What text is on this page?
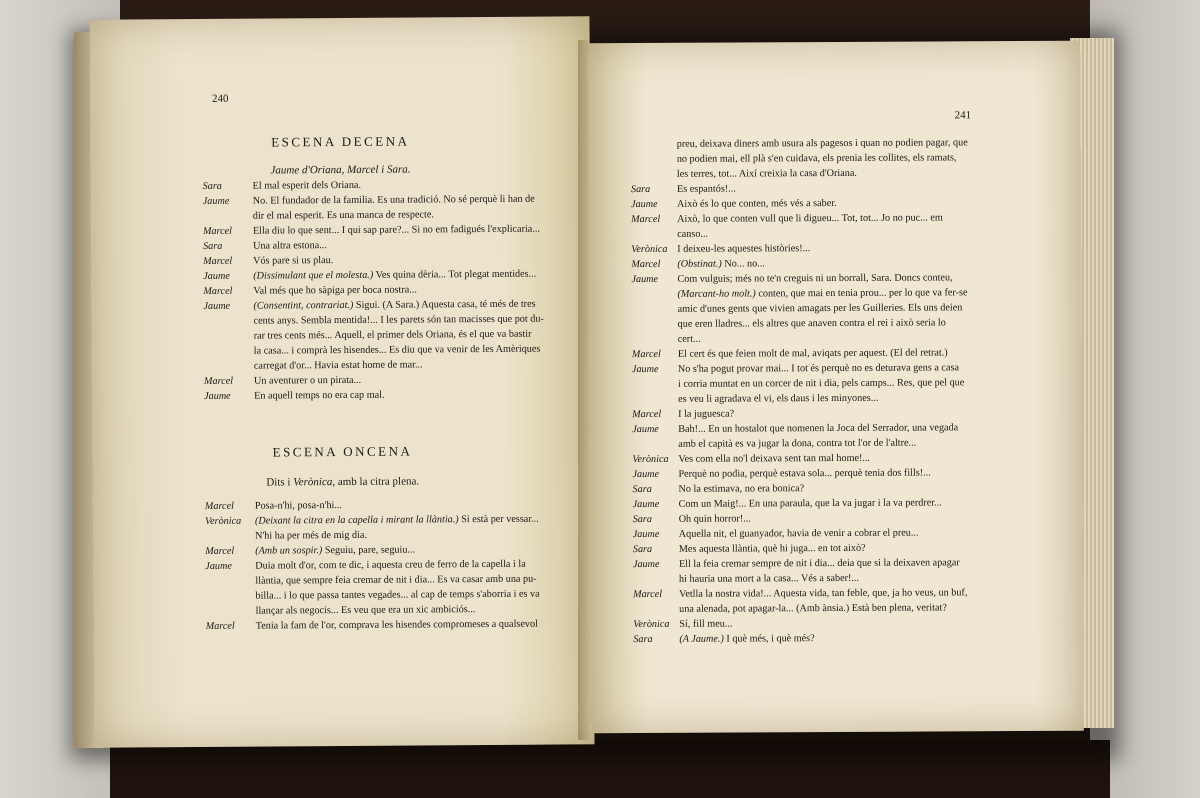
240
ESCENA DECENA
Jaume d'Oriana, Marcel i Sara.
Sara	El mal esperit dels Oriana.
Jaume No. El fundador de la familia. Es una tradició. No sé perquè li han de
dir el mal esperit. Es una manca de respecte.
Marcel Ella diu lo que sent... I qui sap pare?... Si no em fadigués l'explicaria...
Sara	Una altra estona...
Marcel Vós pare si us plau.
Jaume (Dissimulant que el molesta.) Ves quina dèria... Tot plegat mentides...
Marcel Val més que ho sàpiga per boca nostra...
Jaume (Consentint, contrariat.) Sigui. (A Sara.) Aquesta casa, té més de tres
cents anys. Sembla mentida!... I les parets són tan macisses que pot du-
rar tres cents més... Aquell, el primer dels Oriana, és el que va bastir
la casa... i comprà les hisendes... Es diu que va venir de les Amèriques
carregat d'or... Havia estat home de mar...
Marcel Un aventurer o un pirata...
Jaume En aquell temps no era cap mal.
ESCENA ONCENA
Dits i Verònica, amb la citra plena.
Marcel Posa-n'hi, posa-n'hi...
Verònica (Deixant la citra en la capella i mirant la llàntia.) Si està per vessar...
N'hi ha per més de mig dia.
Marcel (Amb un sospir.) Seguiu, pare, seguiu...
Jaume Duia molt d'or, com te dic, i aquesta creu de ferro de la capella i la
llàntia, que sempre feia cremar de nit i dia... Es va casar amb una pu-
billa... i lo que passa tantes vegades... al cap de temps s'aborria i es va
llançar als negocis... Es veu que era un xic ambiciós...
Marcel Tenia la fam de l'or, comprava les hisendes compromeses a qualsevol
241
preu, deixava diners amb usura als pagesos i quan no podien pagar, que
no podien mai, ell plà s'en cuidava, els prenia les collites, els ramats,
les terres, tot... Així creixia la casa d'Oriana.
Sara	Es espantós!...
Jaume Això és lo que conten, més vés a saber.
Marcel Això, lo que conten vull que li digueu... Tot, tot... Jo no puc... em
canso...
Verònica I deixeu-les aquestes històries!...
Marcel (Obstinat.) No... no...
Jaume Com vulguis; més no te'n creguis ni un borrall, Sara. Doncs conteu,
(Marcant-ho molt.) conten, que mai en tenia prou... per lo que va fer-se
amic d'unes gents que vivien amagats per les Guilleries. Els uns deien
que eren lladres... els altres que anaven contra el rei i això seria lo
cert...
Marcel El cert és que feien molt de mal, aviqats per aquest. (El del retrat.)
Jaume No s'ha pogut provar mai... I tot és perquè no es deturava gens a casa
i corria muntat en un corcer de nit i dia, pels camps... Res, que pel que
es veu li agradava el vi, els daus i les minyones...
Marcel I la juguesca?
Jaume Bah!... En un hostalot que nomenen la Joca del Serrador, una vegada
amb el capità es va jugar la dona, contra tot l'or de l'altre...
Verònica Ves com ella no'l deixava sent tan mal home!...
Jaume Perquè no podia, perquè estava sola... perquè tenia dos fills!...
Sara	No la estimava, no era bonica?
Jaume Com un Maig!... En una paraula, que la va jugar i la va perdrer...
Sara	Oh quin horror!...
Jaume Aquella nit, el guanyador, havia de venir a cobrar el preu...
Sara	Mes aquesta llàntia, què hi juga... en tot això?
Jaume Ell la feia cremar sempre de nit i dia... deia que si la deixaven apagar
hi hauria una mort a la casa... Vés a saber!...
Marcel Vetlla la nostra vida!... Aquesta vida, tan feble, que, ja ho veus, un buf,
una alenada, pot apagar-la... (Amb ànsia.) Està ben plena, veritat?
Verònica Sí, fill meu...
Sara	(A Jaume.) I què més, i què més?
